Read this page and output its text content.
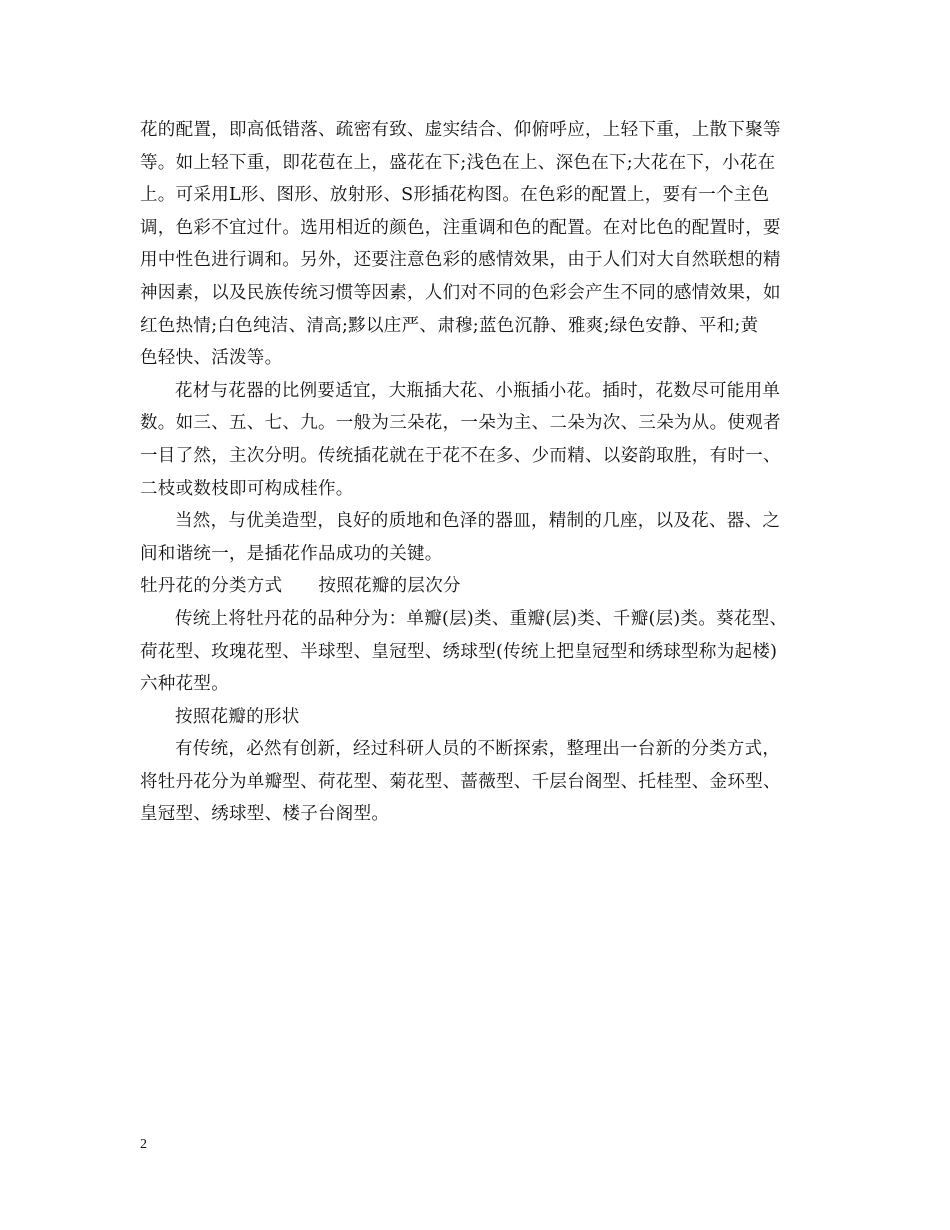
花的配置，即高低错落、疏密有致、虚实结合、仰俯呼应，上轻下重，上散下聚等
等。如上轻下重，即花苞在上，盛花在下;浅色在上、深色在下;大花在下，小花在
上。可采用L形、图形、放射形、S形插花构图。在色彩的配置上，要有一个主色
调，色彩不宜过什。选用相近的颜色，注重调和色的配置。在对比色的配置时，要
用中性色进行调和。另外，还要注意色彩的感情效果，由于人们对大自然联想的精
神因素，以及民族传统习惯等因素，人们对不同的色彩会产生不同的感情效果，如
红色热情;白色纯洁、清高;黟以庄严、肃穆;蓝色沉静、雅爽;绿色安静、平和;黄
色轻快、活泼等。
花材与花器的比例要适宜，大瓶插大花、小瓶插小花。插时，花数尽可能用单
数。如三、五、七、九。一般为三朵花，一朵为主、二朵为次、三朵为从。使观者
一目了然，主次分明。传统插花就在于花不在多、少而精、以姿韵取胜，有时一、
二枝或数枝即可构成桂作。
当然，与优美造型，良好的质地和色泽的器皿，精制的几座，以及花、器、之
间和谐统一，是插花作品成功的关键。
牡丹花的分类方式 按照花瓣的层次分
传统上将牡丹花的品种分为：单瓣(层)类、重瓣(层)类、千瓣(层)类。葵花型、
荷花型、玫瑰花型、半球型、皇冠型、绣球型(传统上把皇冠型和绣球型称为起楼)
六种花型。
按照花瓣的形状
有传统，必然有创新，经过科研人员的不断探索，整理出一台新的分类方式，
将牡丹花分为单瓣型、荷花型、菊花型、蔷薇型、千层台阁型、托桂型、金环型、
皇冠型、绣球型、楼子台阁型。
2
